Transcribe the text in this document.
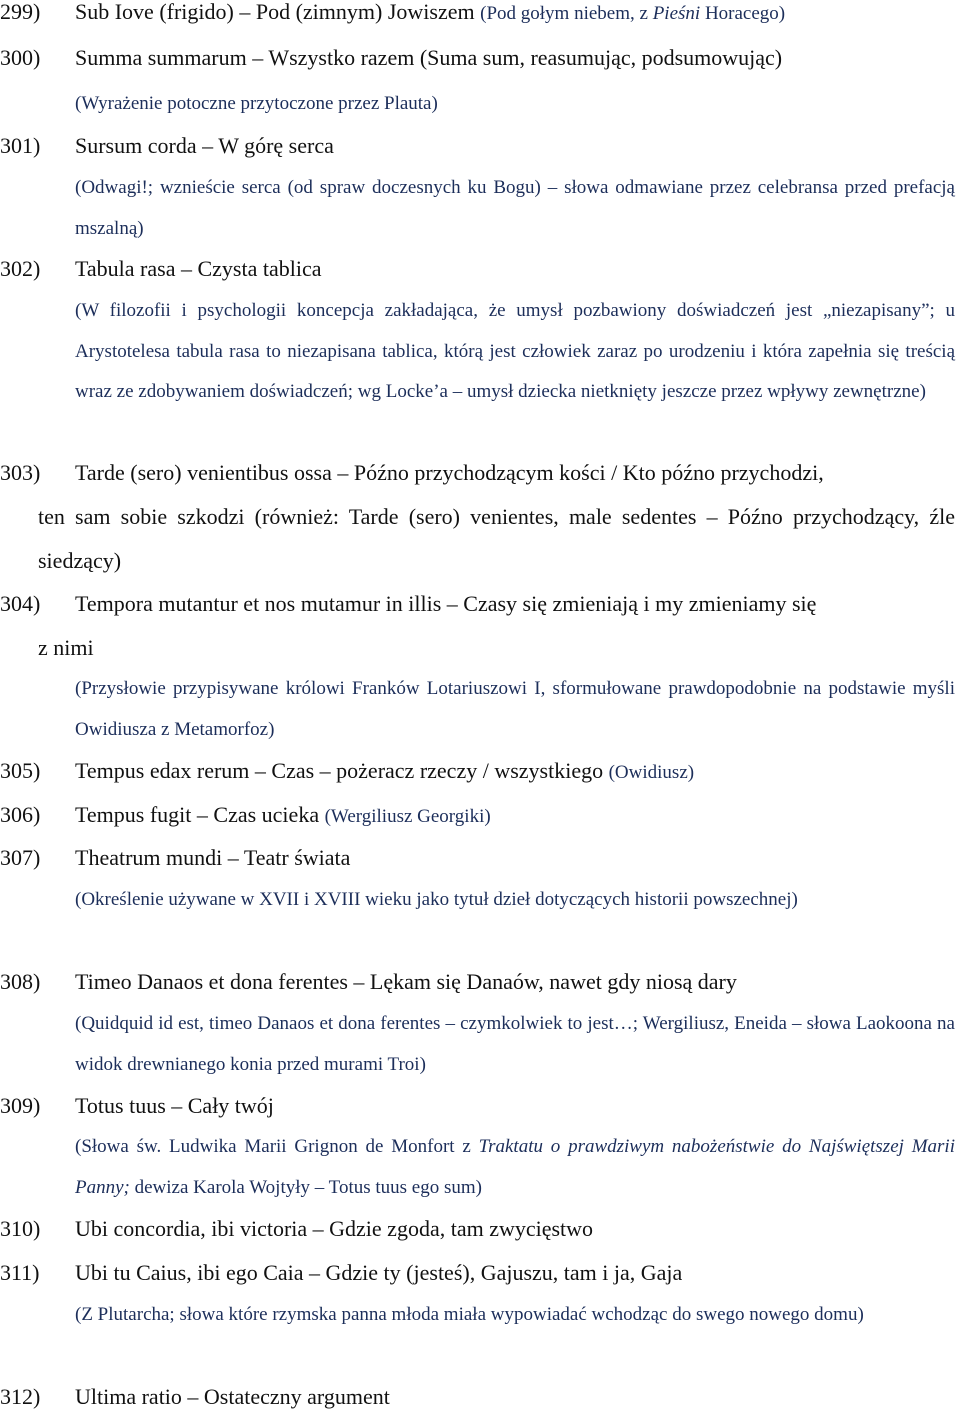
299) Sub Iove (frigido) – Pod (zimnym) Jowiszem (Pod gołym niebem, z Pieśni Horacego)
300) Summa summarum – Wszystko razem (Suma sum, reasumując, podsumowując)
(Wyrażenie potoczne przytoczone przez Plauta)
301) Sursum corda – W górę serca
(Odwagi!; wznieście serca (od spraw doczesnych ku Bogu) – słowa odmawiane przez celebransa przed prefacją mszalną)
302) Tabula rasa – Czysta tablica
(W filozofii i psychologii koncepcja zakładająca, że umysł pozbawiony doświadczeń jest „niezapisany”; u Arystotelesa tabula rasa to niezapisana tablica, którą jest człowiek zaraz po urodzeniu i która zapełnia się treścią wraz ze zdobywaniem doświadczeń; wg Locke’a – umysł dziecka nietknięty jeszcze przez wpływy zewnętrzne)
303) Tarde (sero) venientibus ossa – Późno przychodzącym kości / Kto późno przychodzi,
ten sam sobie szkodzi (również: Tarde (sero) venientes, male sedentes – Późno przychodzący, źle siedzący)
304) Tempora mutantur et nos mutamur in illis – Czasy się zmieniają i my zmieniamy się
z nimi
(Przysłowie przypisywane królowi Franków Lotariuszowi I, sformułowane prawdopodobnie na podstawie myśli Owidiusza z Metamorfoz)
305) Tempus edax rerum – Czas – pożeracz rzeczy / wszystkiego (Owidiusz)
306) Tempus fugit – Czas ucieka (Wergiliusz Georgiki)
307) Theatrum mundi – Teatr świata
(Określenie używane w XVII i XVIII wieku jako tytuł dzieł dotyczących historii powszechnej)
308) Timeo Danaos et dona ferentes – Lękam się Danaów, nawet gdy niosą dary
(Quidquid id est, timeo Danaos et dona ferentes – czymkolwiek to jest…; Wergiliusz, Eneida – słowa Laokoona na widok drewnianego konia przed murami Troi)
309) Totus tuus – Cały twój
(Słowa św. Ludwika Marii Grignon de Monfort z Traktatu o prawdziwym nabożeństwie do Najświętszej Marii Panny; dewiza Karola Wojtyły – Totus tuus ego sum)
310) Ubi concordia, ibi victoria – Gdzie zgoda, tam zwycięstwo
311) Ubi tu Caius, ibi ego Caia – Gdzie ty (jesteś), Gajuszu, tam i ja, Gaja
(Z Plutarcha; słowa które rzymska panna młoda miała wypowiadać wchodząc do swego nowego domu)
312) Ultima ratio – Ostateczny argument
